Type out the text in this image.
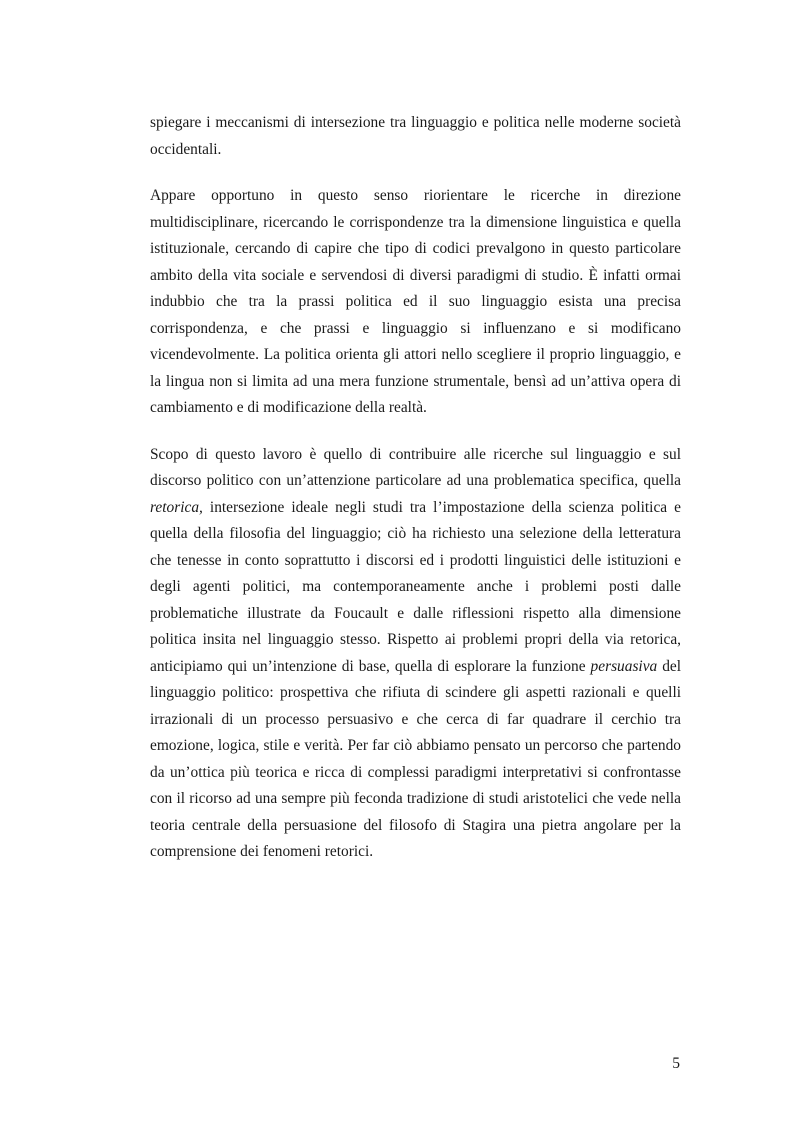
spiegare i meccanismi di intersezione tra linguaggio e politica nelle moderne società occidentali.

Appare opportuno in questo senso riorientare le ricerche in direzione multidisciplinare, ricercando le corrispondenze tra la dimensione linguistica e quella istituzionale, cercando di capire che tipo di codici prevalgono in questo particolare ambito della vita sociale e servendosi di diversi paradigmi di studio. È infatti ormai indubbio che tra la prassi politica ed il suo linguaggio esista una precisa corrispondenza, e che prassi e linguaggio si influenzano e si modificano vicendevolmente. La politica orienta gli attori nello scegliere il proprio linguaggio, e la lingua non si limita ad una mera funzione strumentale, bensì ad un’attiva opera di cambiamento e di modificazione della realtà.

Scopo di questo lavoro è quello di contribuire alle ricerche sul linguaggio e sul discorso politico con un’attenzione particolare ad una problematica specifica, quella retorica, intersezione ideale negli studi tra l’impostazione della scienza politica e quella della filosofia del linguaggio; ciò ha richiesto una selezione della letteratura che tenesse in conto soprattutto i discorsi ed i prodotti linguistici delle istituzioni e degli agenti politici, ma contemporaneamente anche i problemi posti dalle problematiche illustrate da Foucault e dalle riflessioni rispetto alla dimensione politica insita nel linguaggio stesso. Rispetto ai problemi propri della via retorica, anticipiamo qui un’intenzione di base, quella di esplorare la funzione persuasiva del linguaggio politico: prospettiva che rifiuta di scindere gli aspetti razionali e quelli irrazionali di un processo persuasivo e che cerca di far quadrare il cerchio tra emozione, logica, stile e verità. Per far ciò abbiamo pensato un percorso che partendo da un’ottica più teorica e ricca di complessi paradigmi interpretativi si confrontasse con il ricorso ad una sempre più feconda tradizione di studi aristotelici che vede nella teoria centrale della persuasione del filosofo di Stagira una pietra angolare per la comprensione dei fenomeni retorici.

5
